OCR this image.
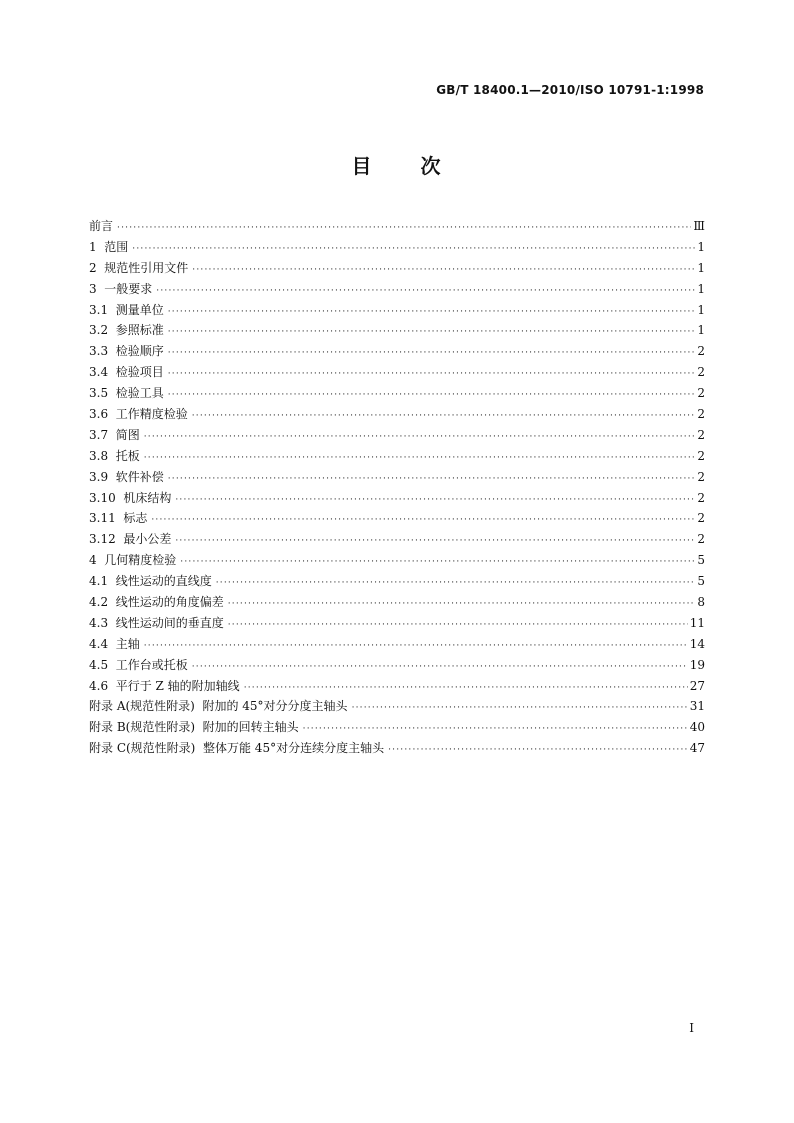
GB/T 18400.1—2010/ISO 10791-1:1998
目 次
前言 ·····	Ⅲ
1  范围 ·····	1
2  规范性引用文件 ·····	1
3  一般要求 ·····	1
3.1  测量单位 ·····	1
3.2  参照标准 ·····	1
3.3  检验顺序 ·····	2
3.4  检验项目 ·····	2
3.5  检验工具 ·····	2
3.6  工作精度检验 ·····	2
3.7  简图 ·····	2
3.8  托板 ·····	2
3.9  软件补偿 ·····	2
3.10  机床结构 ·····	2
3.11  标志 ·····	2
3.12  最小公差 ·····	2
4  几何精度检验 ·····	5
4.1  线性运动的直线度 ·····	5
4.2  线性运动的角度偏差 ·····	8
4.3  线性运动间的垂直度 ·····	11
4.4  主轴 ·····	14
4.5  工作台或托板 ·····	19
4.6  平行于 Z 轴的附加轴线 ·····	27
附录 A(规范性附录)  附加的 45°对分分度主轴头 ·····	31
附录 B(规范性附录)  附加的回转主轴头 ·····	40
附录 C(规范性附录)  整体万能 45°对分连续分度主轴头 ·····	47
I
